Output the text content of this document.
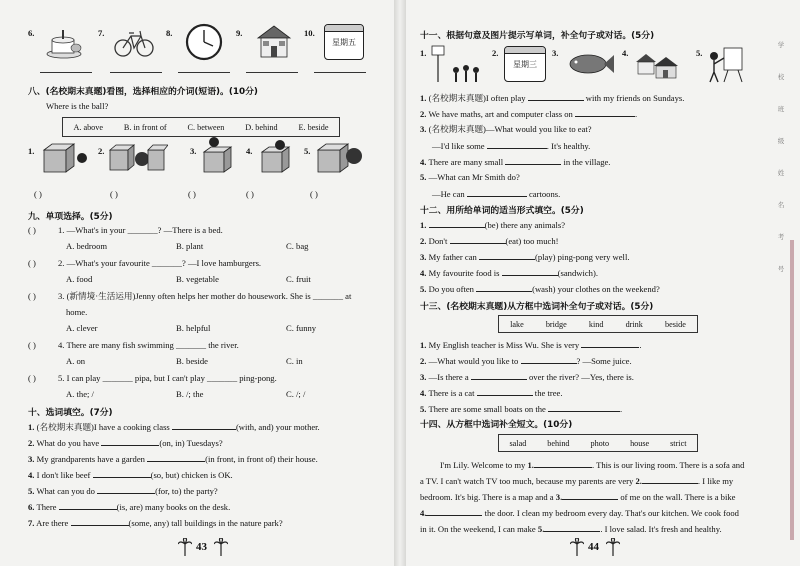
6.	7.	8.	9.	10.
星期五
八、(名校期末真题)看图，选择相应的介词(短语)。(10分)
Where is the ball?
A. above	B. in front of	C. between	D. behind	E. beside
1.	2.	3.	4.	5.
( )	( )	( )	( )	( )
九、单项选择。(5分)
( )	1. —What's in your _______? —There is a bed.
A. bedroom	B. plant	C. bag
( )	2. —What's your favourite _______? —I love hamburgers.
A. food	B. vegetable	C. fruit
( )	3. (新情境·生活运用)Jenny often helps her mother do housework. She is _______ at
home.
A. clever	B. helpful	C. funny
( )	4. There are many fish swimming _______ the river.
A. on	B. beside	C. in
( )	5. I can play _______ pipa, but I can't play _______ ping-pong.
A. the; /	B. /; the	C. /; /
十、选词填空。(7分)
1. (名校期末真题)I have a cooking class	(with, and) your mother.
2. What do you have	(on, in) Tuesdays?
3. My grandparents have a garden	(in front, in front of) their house.
4. I don't like beef	(so, but) chicken is OK.
5. What can you do	(for, to) the party?
6. There	(is, are) many books on the desk.
7. Are there	(some, any) tall buildings in the nature park?
43
十一、根据句意及图片提示写单词，补全句子或对话。(5分)
1.	2.
星期三
3.	4.	5.
1. (名校期末真题)I often play	with my friends on Sundays.
2. We have maths, art and computer class on	.
3. (名校期末真题)—What would you like to eat?
—I'd like some	. It's healthy.
4. There are many small	in the village.
5. —What can Mr Smith do?
—He can	cartoons.
十二、用所给单词的适当形式填空。(5分)
1.	(be) there any animals?
2. Don't	(eat) too much!
3. My father can	(play) ping-pong very well.
4. My favourite food is	(sandwich).
5. Do you often	(wash) your clothes on the weekend?
十三、(名校期末真题)从方框中选词补全句子或对话。(5分)
lake	bridge	kind	drink	beside
1. My English teacher is Miss Wu. She is very	.
2. —What would you like to	? —Some juice.
3. —Is there a	over the river? —Yes, there is.
4. There is a cat	the tree.
5. There are some small boats on the	.
十四、从方框中选词补全短文。(10分)
salad	behind	photo	house	strict
I'm Lily. Welcome to my 1.	. This is our living room. There is a sofa and
a TV. I can't watch TV too much, because my parents are very 2.	. I like my
bedroom. It's big. There is a map and a 3.	of me on the wall. There is a bike
4.	the door. I clean my bedroom every day. That's our kitchen. We cook food
in it. On the weekend, I can make 5.	. I love salad. It's fresh and healthy.
44
学
校
班
级
姓
名
考
号
